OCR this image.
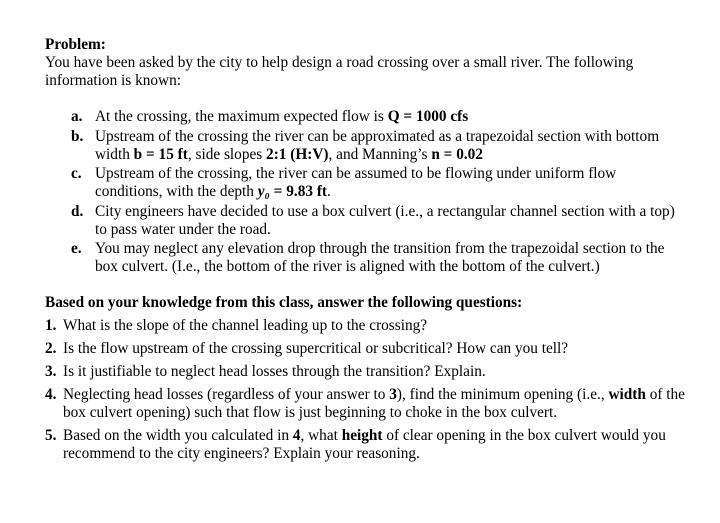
Problem:
You have been asked by the city to help design a road crossing over a small river. The following information is known:
a. At the crossing, the maximum expected flow is Q = 1000 cfs
b. Upstream of the crossing the river can be approximated as a trapezoidal section with bottom width b = 15 ft, side slopes 2:1 (H:V), and Manning’s n = 0.02
c. Upstream of the crossing, the river can be assumed to be flowing under uniform flow conditions, with the depth y₀ = 9.83 ft.
d. City engineers have decided to use a box culvert (i.e., a rectangular channel section with a top) to pass water under the road.
e. You may neglect any elevation drop through the transition from the trapezoidal section to the box culvert. (I.e., the bottom of the river is aligned with the bottom of the culvert.)
Based on your knowledge from this class, answer the following questions:
1. What is the slope of the channel leading up to the crossing?
2. Is the flow upstream of the crossing supercritical or subcritical? How can you tell?
3. Is it justifiable to neglect head losses through the transition? Explain.
4. Neglecting head losses (regardless of your answer to 3), find the minimum opening (i.e., width of the box culvert opening) such that flow is just beginning to choke in the box culvert.
5. Based on the width you calculated in 4, what height of clear opening in the box culvert would you recommend to the city engineers? Explain your reasoning.
